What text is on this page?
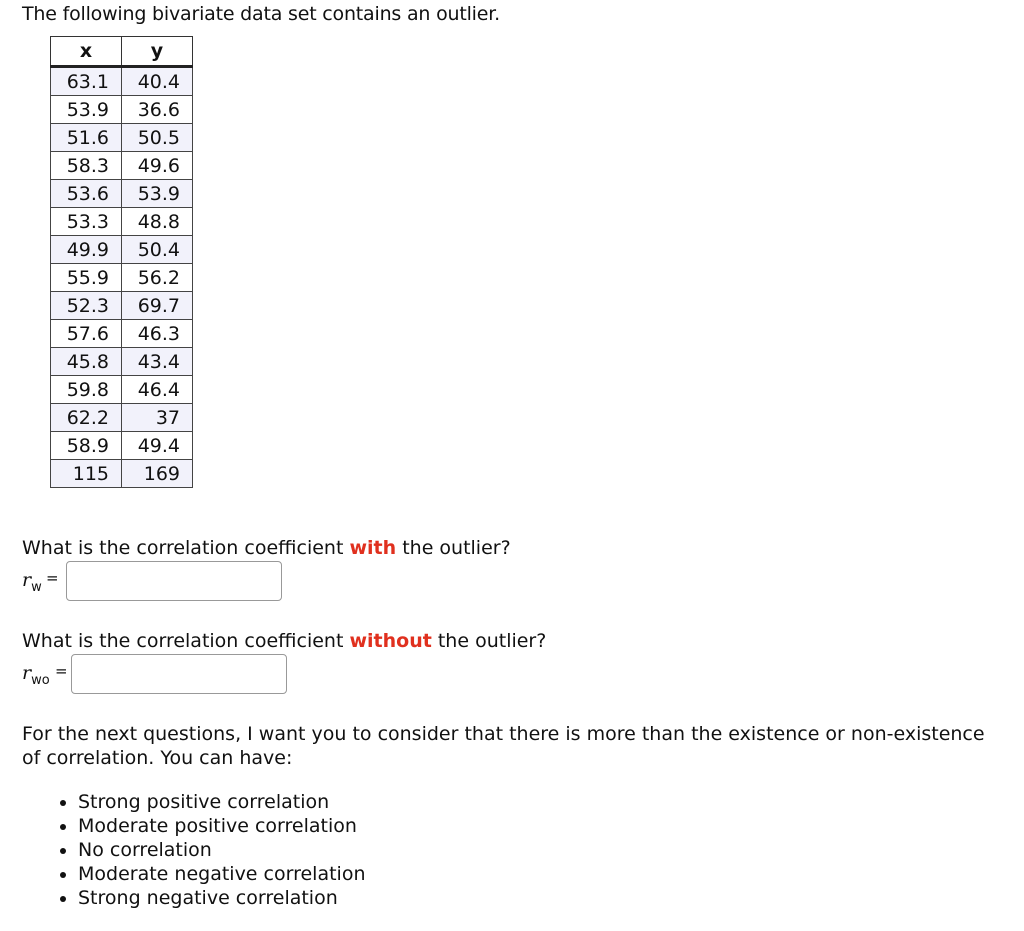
The following bivariate data set contains an outlier.
x	y
63.1	40.4
53.9	36.6
51.6	50.5
58.3	49.6
53.6	53.9
53.3	48.8
49.9	50.4
55.9	56.2
52.3	69.7
57.6	46.3
45.8	43.4
59.8	46.4
62.2	37
58.9	49.4
115	169
What is the correlation coefficient with the outlier?
$r_w$
=
What is the correlation coefficient without the outlier?
$r_{wo}$
=
For the next questions, I want you to consider that there is more than the existence or non-existence of correlation. You can have:
• Strong positive correlation
• Moderate positive correlation
• No correlation
• Moderate negative correlation
• Strong negative correlation
